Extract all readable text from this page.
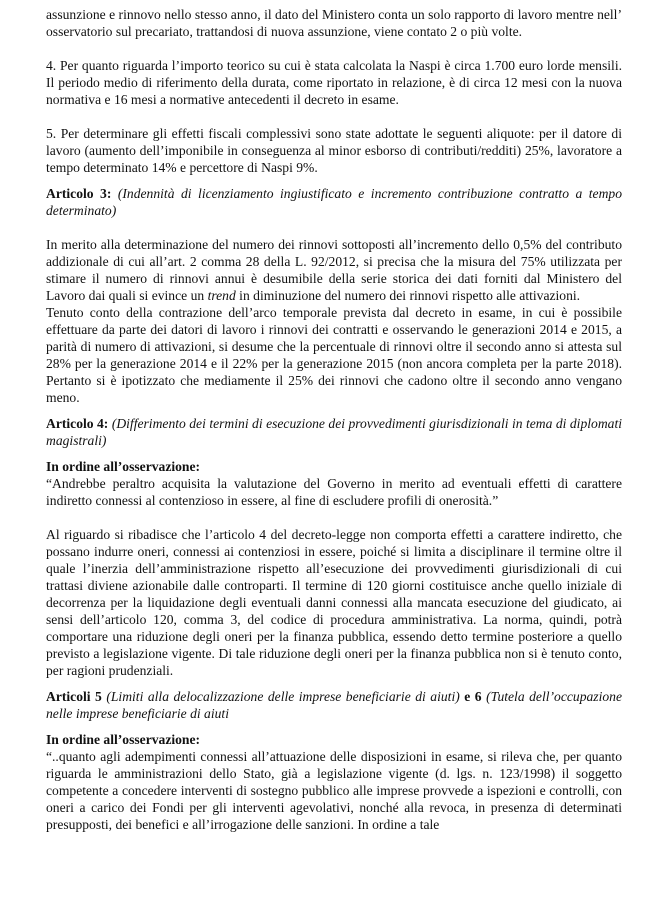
assunzione e rinnovo nello stesso anno, il dato del Ministero conta un solo rapporto di lavoro mentre nell’ osservatorio sul precariato, trattandosi di nuova assunzione, viene contato 2 o più volte.

4. Per quanto riguarda l’importo teorico su cui è stata calcolata la Naspi è circa 1.700 euro lorde mensili. Il periodo medio di riferimento della durata, come riportato in relazione, è di circa 12 mesi con la nuova normativa e 16 mesi a normative antecedenti il decreto in esame.

5. Per determinare gli effetti fiscali complessivi sono state adottate le seguenti aliquote: per il datore di lavoro (aumento dell’imponibile in conseguenza al minor esborso di contributi/redditi) 25%, lavoratore a tempo determinato 14% e percettore di Naspi 9%.

Articolo 3: (Indennità di licenziamento ingiustificato e incremento contribuzione contratto a tempo determinato)

In merito alla determinazione del numero dei rinnovi sottoposti all’incremento dello 0,5% del contributo addizionale di cui all’art. 2 comma 28 della L. 92/2012, si precisa che la misura del 75% utilizzata per stimare il numero di rinnovi annui è desumibile della serie storica dei dati forniti dal Ministero del Lavoro dai quali si evince un trend in diminuzione del numero dei rinnovi rispetto alle attivazioni.

Tenuto conto della contrazione dell’arco temporale prevista dal decreto in esame, in cui è possibile effettuare da parte dei datori di lavoro i rinnovi dei contratti e osservando le generazioni 2014 e 2015, a parità di numero di attivazioni, si desume che la percentuale di rinnovi oltre il secondo anno si attesta sul 28% per la generazione 2014 e il 22% per la generazione 2015 (non ancora completa per la parte 2018). Pertanto si è ipotizzato che mediamente il 25% dei rinnovi che cadono oltre il secondo anno vengano meno.

Articolo 4: (Differimento dei termini di esecuzione dei provvedimenti giurisdizionali in tema di diplomati magistrali)

In ordine all’osservazione:

“Andrebbe peraltro acquisita la valutazione del Governo in merito ad eventuali effetti di carattere indiretto connessi al contenzioso in essere, al fine di escludere profili di onerosità.”

Al riguardo si ribadisce che l’articolo 4 del decreto-legge non comporta effetti a carattere indiretto, che possano indurre oneri, connessi ai contenziosi in essere, poiché si limita a disciplinare il termine oltre il quale l’inerzia dell’amministrazione rispetto all’esecuzione dei provvedimenti giurisdizionali di cui trattasi diviene azionabile dalle controparti. Il termine di 120 giorni costituisce anche quello iniziale di decorrenza per la liquidazione degli eventuali danni connessi alla mancata esecuzione del giudicato, ai sensi dell’articolo 120, comma 3, del codice di procedura amministrativa. La norma, quindi, potrà comportare una riduzione degli oneri per la finanza pubblica, essendo detto termine posteriore a quello previsto a legislazione vigente. Di tale riduzione degli oneri per la finanza pubblica non si è tenuto conto, per ragioni prudenziali.

Articoli 5 (Limiti alla delocalizzazione delle imprese beneficiarie di aiuti) e 6 (Tutela dell’occupazione nelle imprese beneficiarie di aiuti

In ordine all’osservazione:

“..quanto agli adempimenti connessi all’attuazione delle disposizioni in esame, si rileva che, per quanto riguarda le amministrazioni dello Stato, già a legislazione vigente (d. lgs. n. 123/1998) il soggetto competente a concedere interventi di sostegno pubblico alle imprese provvede a ispezioni e controlli, con oneri a carico dei Fondi per gli interventi agevolativi, nonché alla revoca, in presenza di determinati presupposti, dei benefici e all’irrogazione delle sanzioni. In ordine a tale
